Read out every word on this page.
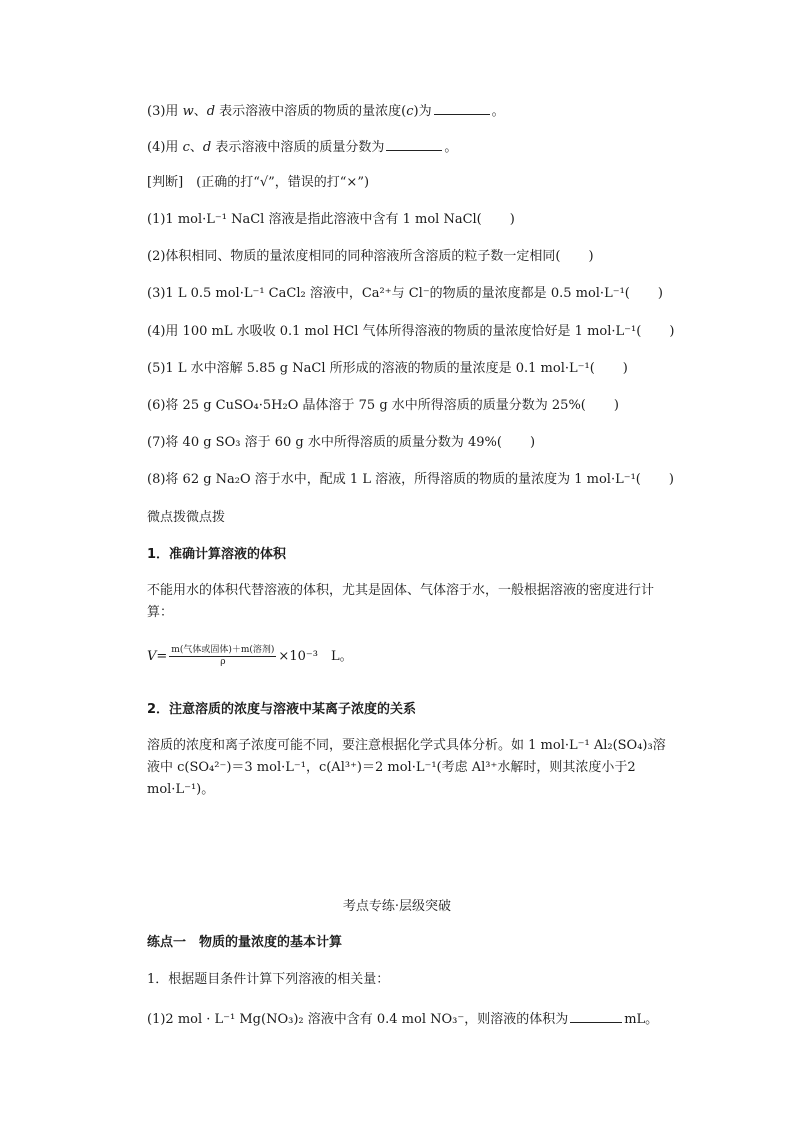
(3)用 w、d 表示溶液中溶质的物质的量浓度(c)为	。
(4)用 c、d 表示溶液中溶质的质量分数为	。
[判断]　(正确的打“√”，错误的打“×”)
(1)1 mol·L⁻¹ NaCl 溶液是指此溶液中含有 1 mol NaCl( )
(2)体积相同、物质的量浓度相同的同种溶液所含溶质的粒子数一定相同( )
(3)1 L 0.5 mol·L⁻¹ CaCl₂ 溶液中，Ca²⁺与 Cl⁻的物质的量浓度都是 0.5 mol·L⁻¹( )
(4)用 100 mL 水吸收 0.1 mol HCl 气体所得溶液的物质的量浓度恰好是 1 mol·L⁻¹( )
(5)1 L 水中溶解 5.85 g NaCl 所形成的溶液的物质的量浓度是 0.1 mol·L⁻¹( )
(6)将 25 g CuSO₄·5H₂O 晶体溶于 75 g 水中所得溶质的质量分数为 25%( )
(7)将 40 g SO₃ 溶于 60 g 水中所得溶质的质量分数为 49%( )
(8)将 62 g Na₂O 溶于水中，配成 1 L 溶液，所得溶质的物质的量浓度为 1 mol·L⁻¹( )
微点拨微点拨
1．准确计算溶液的体积
不能用水的体积代替溶液的体积，尤其是固体、气体溶于水，一般根据溶液的密度进行计算：
$V= \frac{\text{m(气体或固体)＋m(溶剂)}}{\rho} \times 10^{-3}$　 L。
2．注意溶质的浓度与溶液中某离子浓度的关系
溶质的浓度和离子浓度可能不同，要注意根据化学式具体分析。如 1 mol·L⁻¹ Al₂(SO₄)₃溶液中 c(SO₄²⁻)＝3 mol·L⁻¹，c(Al³⁺)＝2 mol·L⁻¹(考虑 Al³⁺水解时，则其浓度小于2 mol·L⁻¹)。
考点专练·层级突破
练点一　物质的量浓度的基本计算
1．根据题目条件计算下列溶液的相关量：
(1)2 mol · L⁻¹ Mg(NO₃)₂ 溶液中含有 0.4 mol NO₃⁻，则溶液的体积为	mL。
